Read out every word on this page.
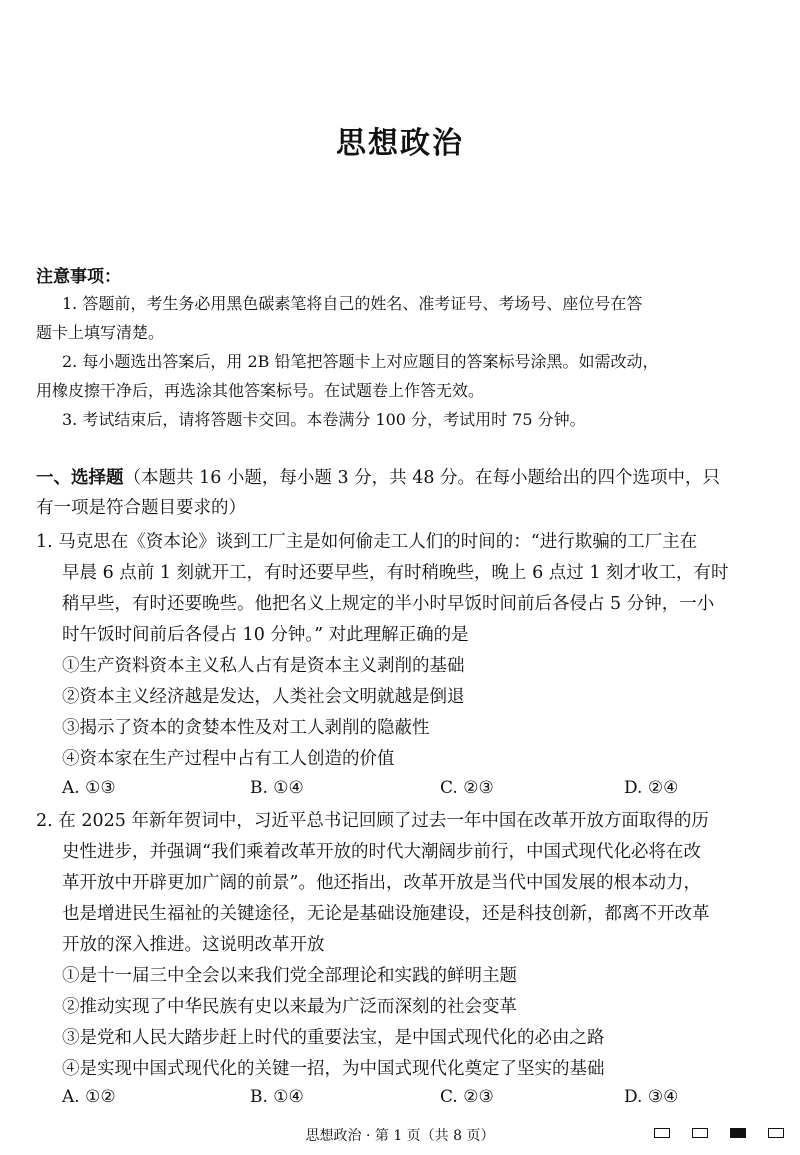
思想政治
注意事项：
1. 答题前，考生务必用黑色碳素笔将自己的姓名、准考证号、考场号、座位号在答
题卡上填写清楚。
2. 每小题选出答案后，用 2B 铅笔把答题卡上对应题目的答案标号涂黑。如需改动，
用橡皮擦干净后，再选涂其他答案标号。在试题卷上作答无效。
3. 考试结束后，请将答题卡交回。本卷满分 100 分，考试用时 75 分钟。
一、选择题（本题共 16 小题，每小题 3 分，共 48 分。在每小题给出的四个选项中，只
有一项是符合题目要求的）
1. 马克思在《资本论》谈到工厂主是如何偷走工人们的时间的：“进行欺骗的工厂主在
早晨 6 点前 1 刻就开工，有时还要早些，有时稍晚些，晚上 6 点过 1 刻才收工，有时
稍早些，有时还要晚些。他把名义上规定的半小时早饭时间前后各侵占 5 分钟，一小
时午饭时间前后各侵占 10 分钟。” 对此理解正确的是
①生产资料资本主义私人占有是资本主义剥削的基础
②资本主义经济越是发达，人类社会文明就越是倒退
③揭示了资本的贪婪本性及对工人剥削的隐蔽性
④资本家在生产过程中占有工人创造的价值
A. ①③	B. ①④	C. ②③	D. ②④
2. 在 2025 年新年贺词中，习近平总书记回顾了过去一年中国在改革开放方面取得的历
史性进步，并强调“我们乘着改革开放的时代大潮阔步前行，中国式现代化必将在改
革开放中开辟更加广阔的前景”。他还指出，改革开放是当代中国发展的根本动力，
也是增进民生福祉的关键途径，无论是基础设施建设，还是科技创新，都离不开改革
开放的深入推进。这说明改革开放
①是十一届三中全会以来我们党全部理论和实践的鲜明主题
②推动实现了中华民族有史以来最为广泛而深刻的社会变革
③是党和人民大踏步赶上时代的重要法宝，是中国式现代化的必由之路
④是实现中国式现代化的关键一招，为中国式现代化奠定了坚实的基础
A. ①②	B. ①④	C. ②③	D. ③④
思想政治 · 第 1 页（共 8 页）
